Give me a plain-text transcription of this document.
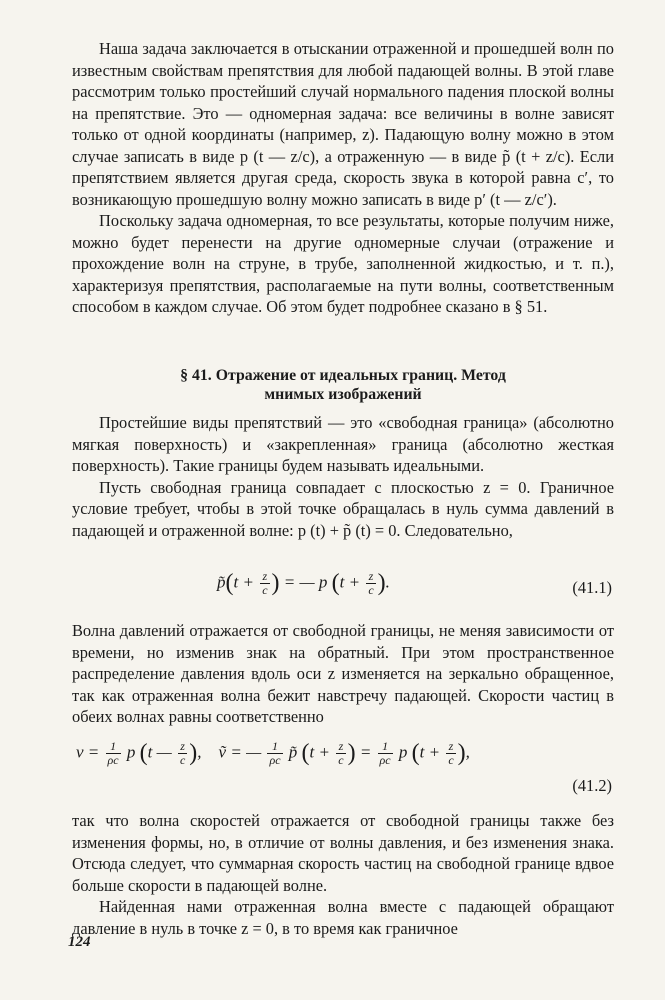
Наша задача заключается в отыскании отраженной и прошедшей волн по известным свойствам препятствия для любой падающей волны. В этой главе рассмотрим только простейший случай нормального падения плоской волны на препятствие. Это — одномерная задача: все величины в волне зависят только от одной координаты (например, z). Падающую волну можно в этом случае записать в виде p (t — z/c), а отраженную — в виде p̃ (t + z/c). Если препятствием является другая среда, скорость звука в которой равна c′, то возникающую прошедшую волну можно записать в виде p′ (t — z/c′).

Поскольку задача одномерная, то все результаты, которые получим ниже, можно будет перенести на другие одномерные случаи (отражение и прохождение волн на струне, в трубе, заполненной жидкостью, и т. п.), характеризуя препятствия, располагаемые на пути волны, соответственным способом в каждом случае. Об этом будет подробнее сказано в § 51.

§ 41. Отражение от идеальных границ. Метод
мнимых изображений

Простейшие виды препятствий — это «свободная граница» (абсолютно мягкая поверхность) и «закрепленная» граница (абсолютно жесткая поверхность). Такие границы будем называть идеальными.

Пусть свободная граница совпадает с плоскостью z = 0. Граничное условие требует, чтобы в этой точке обращалась в нуль сумма давлений в падающей и отраженной волне: p (t) + p̃ (t) = 0. Следовательно,

p̃(t + $\frac{z}{c}$ ) = — p ($t + \frac{z}{c}$ ).	(41.1)

Волна давлений отражается от свободной границы, не меняя зависимости от времени, но изменив знак на обратный. При этом пространственное распределение давления вдоль оси z изменяется на зеркально обращенное, так как отраженная волна бежит навстречу падающей. Скорости частиц в обеих волнах равны соответственно

$v = \frac{1}{\rho c}$ p (t — $\frac{z}{c}$ ),    ṽ = — $\frac{1}{\rho c}$ p̃ ($t + \frac{z}{c}$ ) = $\frac{1}{\rho c}$ p ($t + \frac{z}{c}$ ),
(41.2)

так что волна скоростей отражается от свободной границы также без изменения формы, но, в отличие от волны давления, и без изменения знака. Отсюда следует, что суммарная скорость частиц на свободной границе вдвое больше скорости в падающей волне.

Найденная нами отраженная волна вместе с падающей обращают давление в нуль в точке z = 0, в то время как граничное

124
